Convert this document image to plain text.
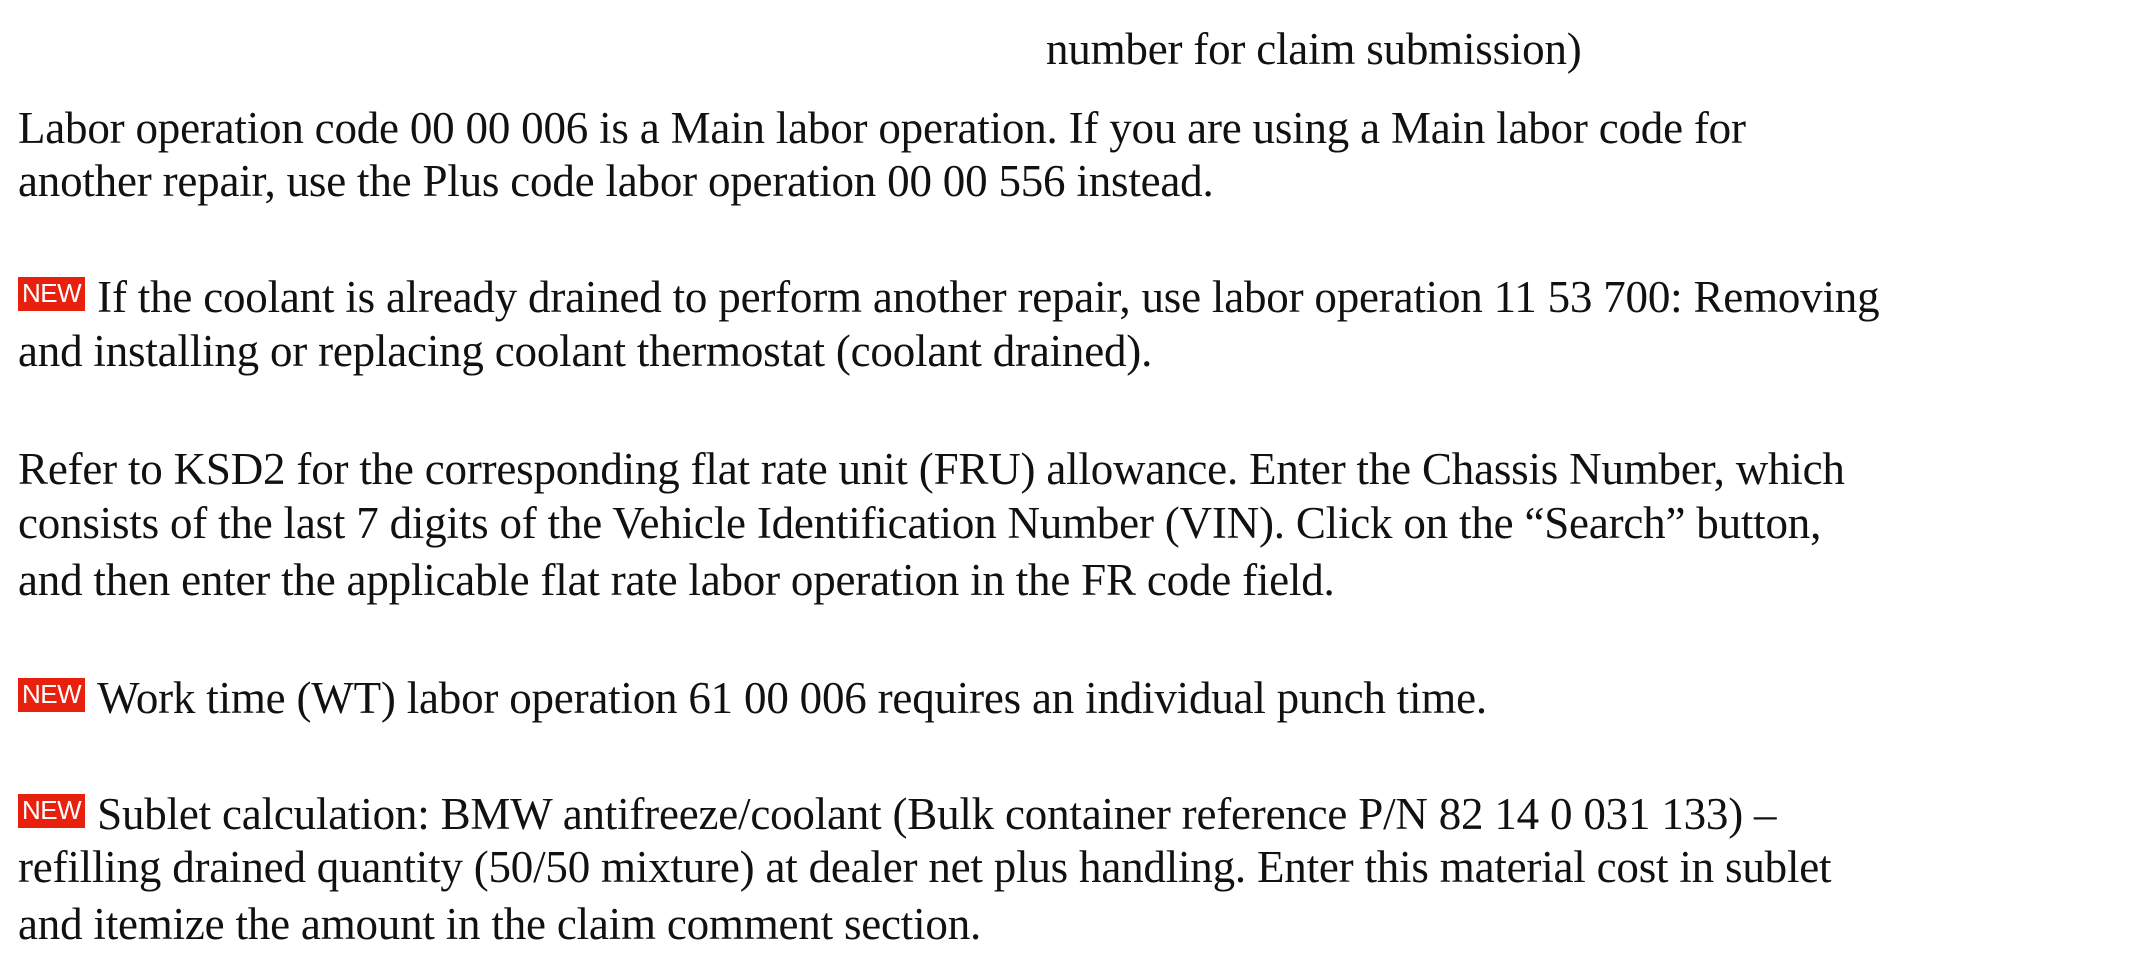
number for claim submission)
Labor operation code 00 00 006 is a Main labor operation. If you are using a Main labor code for
another repair, use the Plus code labor operation 00 00 556 instead.
NEW If the coolant is already drained to perform another repair, use labor operation 11 53 700: Removing
and installing or replacing coolant thermostat (coolant drained).
Refer to KSD2 for the corresponding flat rate unit (FRU) allowance. Enter the Chassis Number, which
consists of the last 7 digits of the Vehicle Identification Number (VIN). Click on the “Search” button,
and then enter the applicable flat rate labor operation in the FR code field.
NEW Work time (WT) labor operation 61 00 006 requires an individual punch time.
NEW Sublet calculation: BMW antifreeze/coolant (Bulk container reference P/N 82 14 0 031 133) –
refilling drained quantity (50/50 mixture) at dealer net plus handling. Enter this material cost in sublet
and itemize the amount in the claim comment section.
